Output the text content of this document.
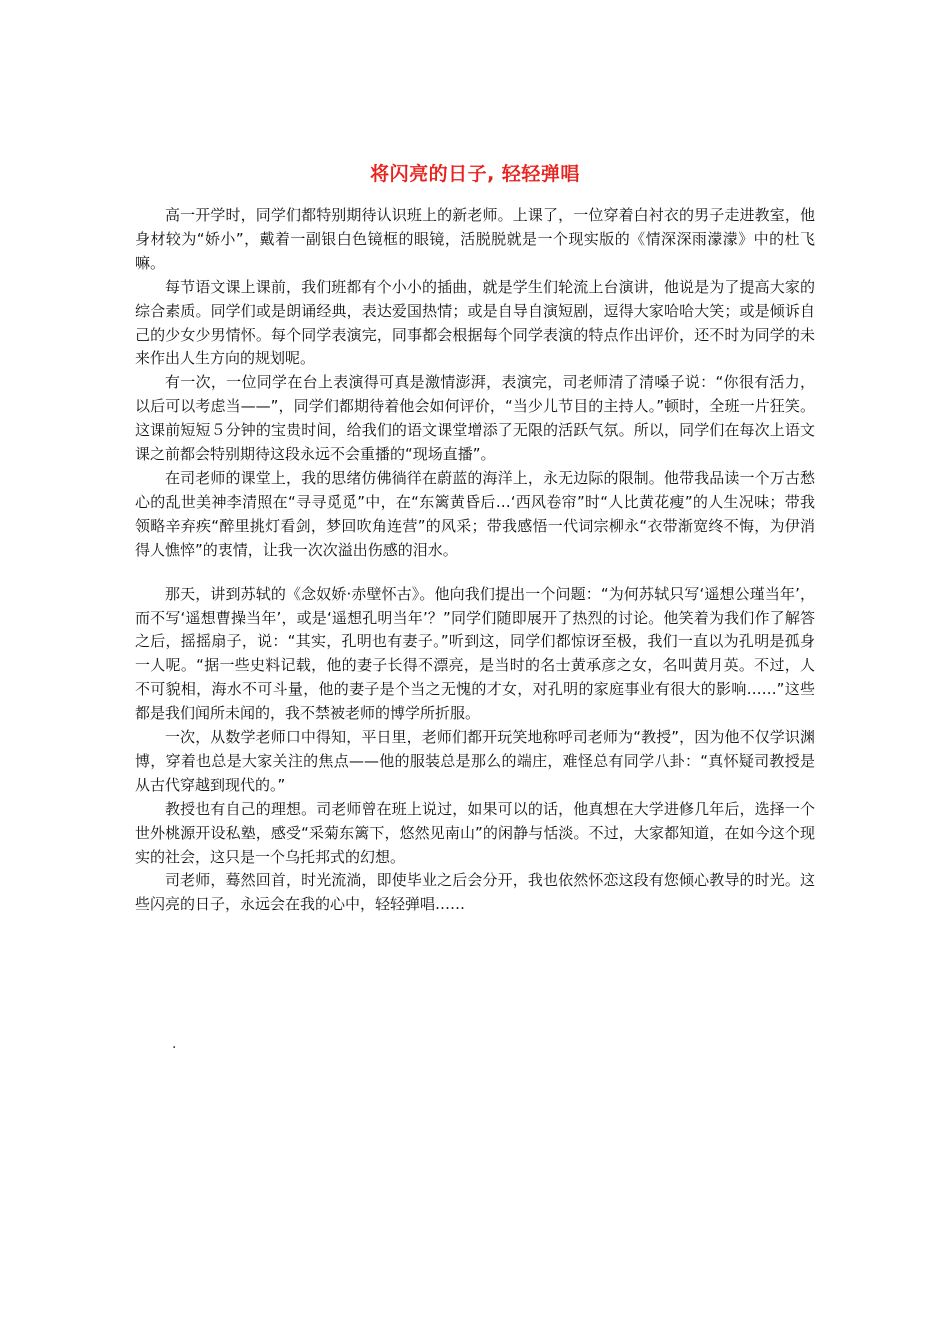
将闪亮的日子, 轻轻弹唱

高一开学时，同学们都特别期待认识班上的新老师。上课了，一位穿着白衬衣的男子走进教室，他身材较为“娇小”，戴着一副银白色镜框的眼镜，活脱脱就是一个现实版的《情深深雨濛濛》中的杜飞嘛。

每节语文课上课前，我们班都有个小小的插曲，就是学生们轮流上台演讲，他说是为了提高大家的综合素质。同学们或是朗诵经典，表达爱国热情；或是自导自演短剧，逗得大家哈哈大笑；或是倾诉自己的少女少男情怀。每个同学表演完，同事都会根据每个同学表演的特点作出评价，还不时为同学的未来作出人生方向的规划呢。

有一次，一位同学在台上表演得可真是激情澎湃，表演完，司老师清了清嗓子说：“你很有活力，以后可以考虑当——”，同学们都期待着他会如何评价，“当少儿节目的主持人。”顿时，全班一片狂笑。这课前短短５分钟的宝贵时间，给我们的语文课堂增添了无限的活跃气氛。所以，同学们在每次上语文课之前都会特别期待这段永远不会重播的“现场直播”。

在司老师的课堂上，我的思绪仿佛徜徉在蔚蓝的海洋上，永无边际的限制。他带我品读一个万古愁心的乱世美神李清照在“寻寻觅觅”中，在“东篱黄昏后…‘西风卷帘”时“人比黄花瘦”的人生况味；带我领略辛弃疾“醉里挑灯看剑，梦回吹角连营”的风采；带我感悟一代词宗柳永“衣带渐宽终不悔，为伊消得人憔悴”的衷情，让我一次次溢出伤感的泪水。

那天，讲到苏轼的《念奴娇·赤壁怀古》。他向我们提出一个问题：“为何苏轼只写‘遥想公瑾当年’，而不写‘遥想曹操当年’，或是‘遥想孔明当年’？”同学们随即展开了热烈的讨论。他笑着为我们作了解答之后，摇摇扇子，说：“其实，孔明也有妻子。”听到这，同学们都惊讶至极，我们一直以为孔明是孤身一人呢。“据一些史料记载，他的妻子长得不漂亮，是当时的名士黄承彦之女，名叫黄月英。不过，人不可貌相，海水不可斗量，他的妻子是个当之无愧的才女，对孔明的家庭事业有很大的影响……”这些都是我们闻所未闻的，我不禁被老师的博学所折服。

一次，从数学老师口中得知，平日里，老师们都开玩笑地称呼司老师为“教授”，因为他不仅学识渊博，穿着也总是大家关注的焦点——他的服装总是那么的端庄，难怪总有同学八卦：“真怀疑司教授是从古代穿越到现代的。”

教授也有自己的理想。司老师曾在班上说过，如果可以的话，他真想在大学进修几年后，选择一个世外桃源开设私塾，感受“采菊东篱下，悠然见南山”的闲静与恬淡。不过，大家都知道，在如今这个现实的社会，这只是一个乌托邦式的幻想。

司老师，蓦然回首，时光流淌，即使毕业之后会分开，我也依然怀恋这段有您倾心教导的时光。这些闪亮的日子，永远会在我的心中，轻轻弹唱……

.
